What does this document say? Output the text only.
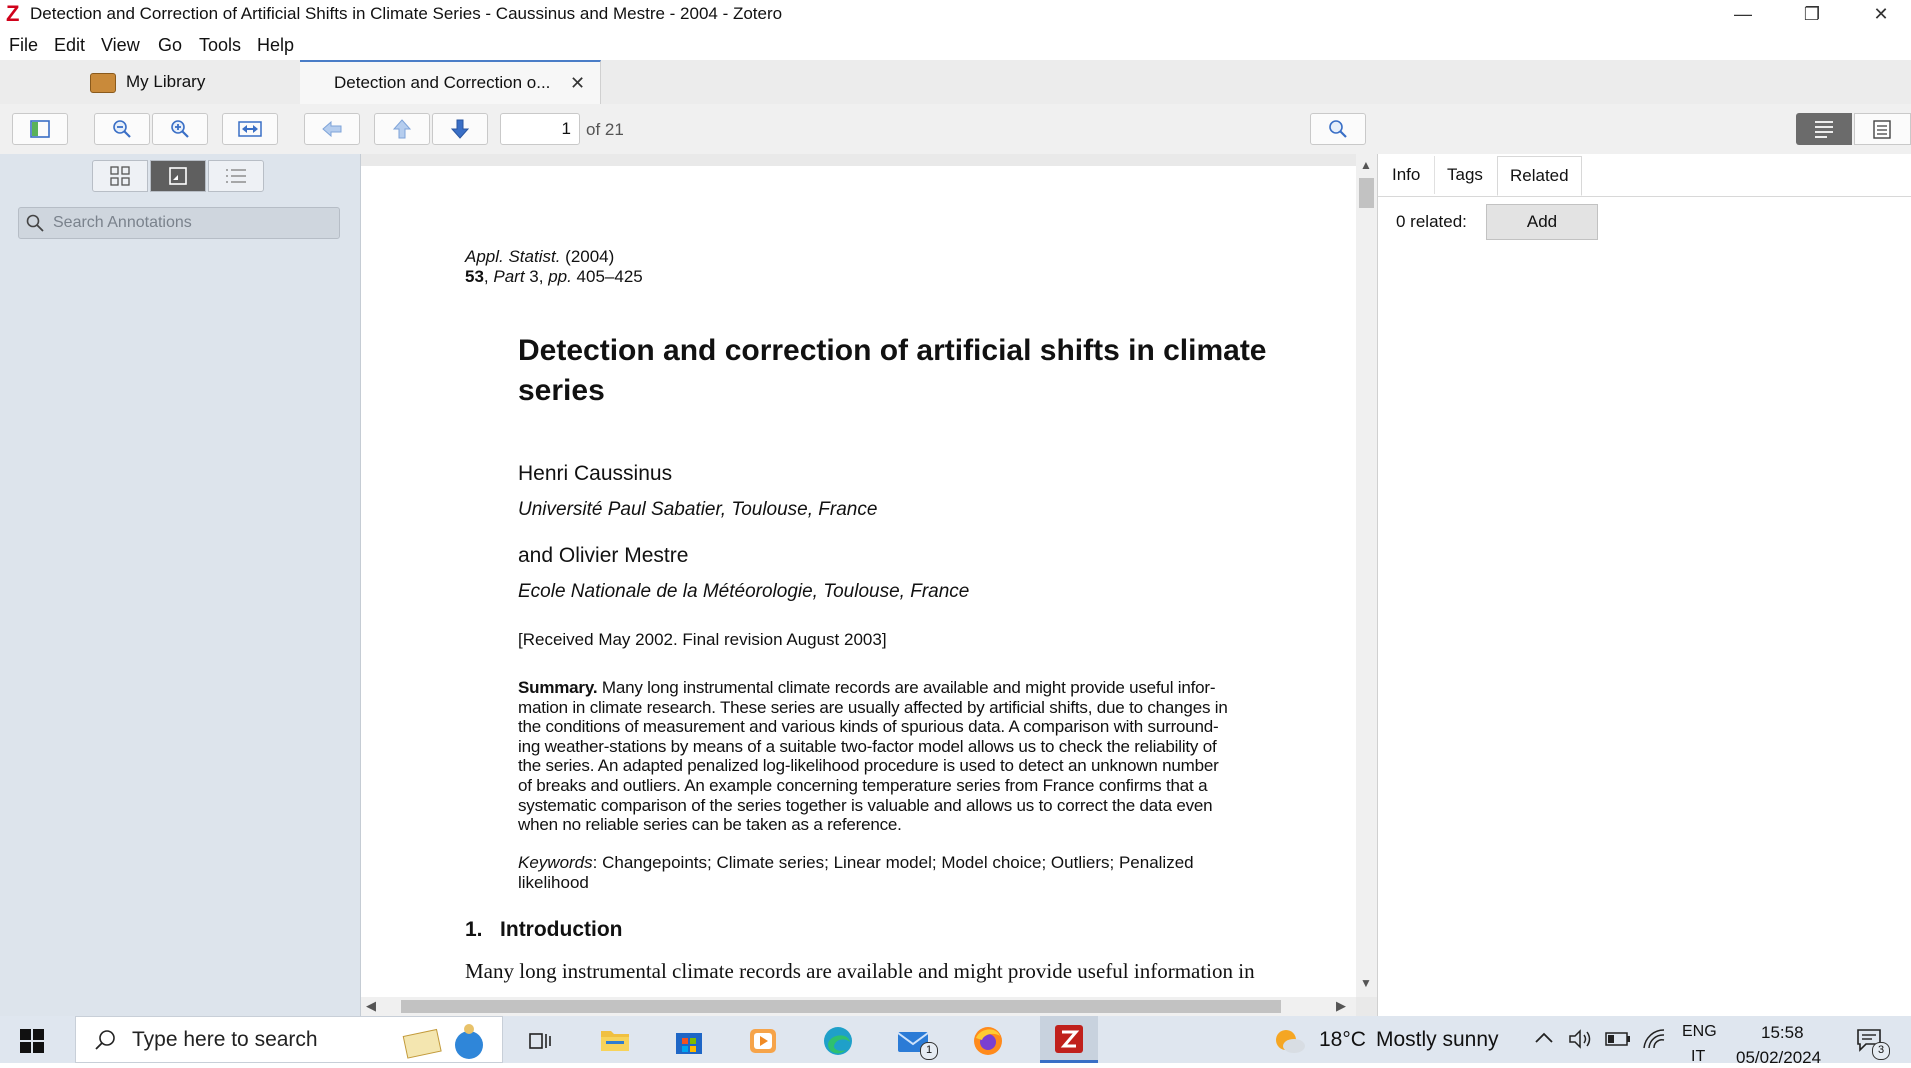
Z Detection and Correction of Artificial Shifts in Climate Series - Caussinus and Mestre - 2004 - Zotero	—	❐	✕
File Edit View Go Tools Help
My Library	Detection and Correction o... ✕
1 of 21
Search Annotations
Appl. Statist. (2004)
53, Part 3, pp. 405–425
Detection and correction of artificial shifts in climate
series
Henri Caussinus
Université Paul Sabatier, Toulouse, France
and Olivier Mestre
Ecole Nationale de la Météorologie, Toulouse, France
[Received May 2002. Final revision August 2003]
Summary. Many long instrumental climate records are available and might provide useful infor-
mation in climate research. These series are usually affected by artificial shifts, due to changes in
the conditions of measurement and various kinds of spurious data. A comparison with surround-
ing weather-stations by means of a suitable two-factor model allows us to check the reliability of
the series. An adapted penalized log-likelihood procedure is used to detect an unknown number
of breaks and outliers. An example concerning temperature series from France confirms that a
systematic comparison of the series together is valuable and allows us to correct the data even
when no reliable series can be taken as a reference.
Keywords: Changepoints; Climate series; Linear model; Model choice; Outliers; Penalized
likelihood
1. Introduction
Many long instrumental climate records are available and might provide useful information in
▲
▼
◀	▶
Info	Tags	Related
0 related:	Add
Type here to search	1	18°C Mostly sunny	ENG
IT
15:58
05/02/2024	3
